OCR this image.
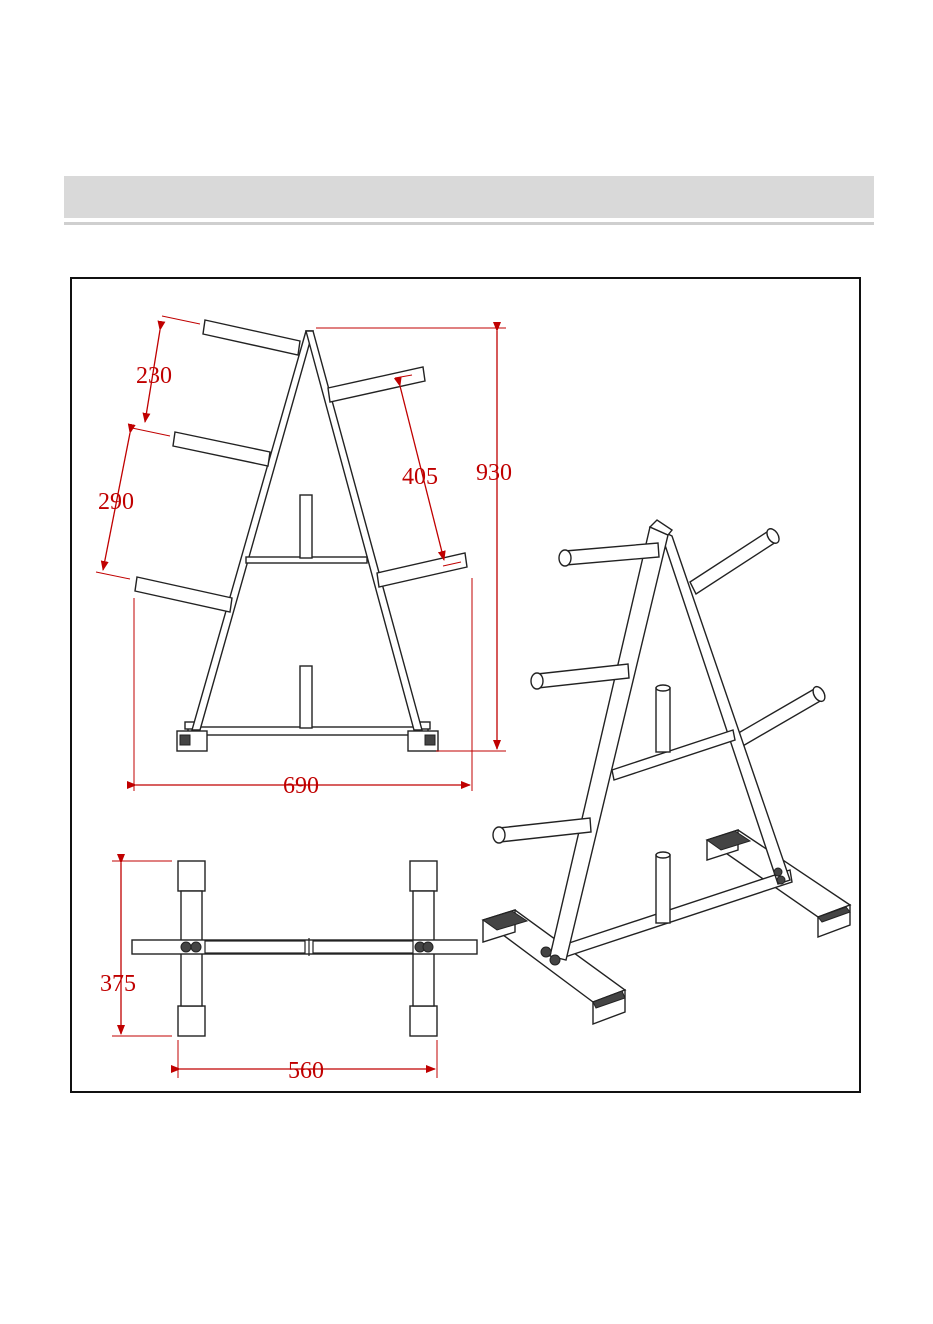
230
290
405 930
690
375
560
